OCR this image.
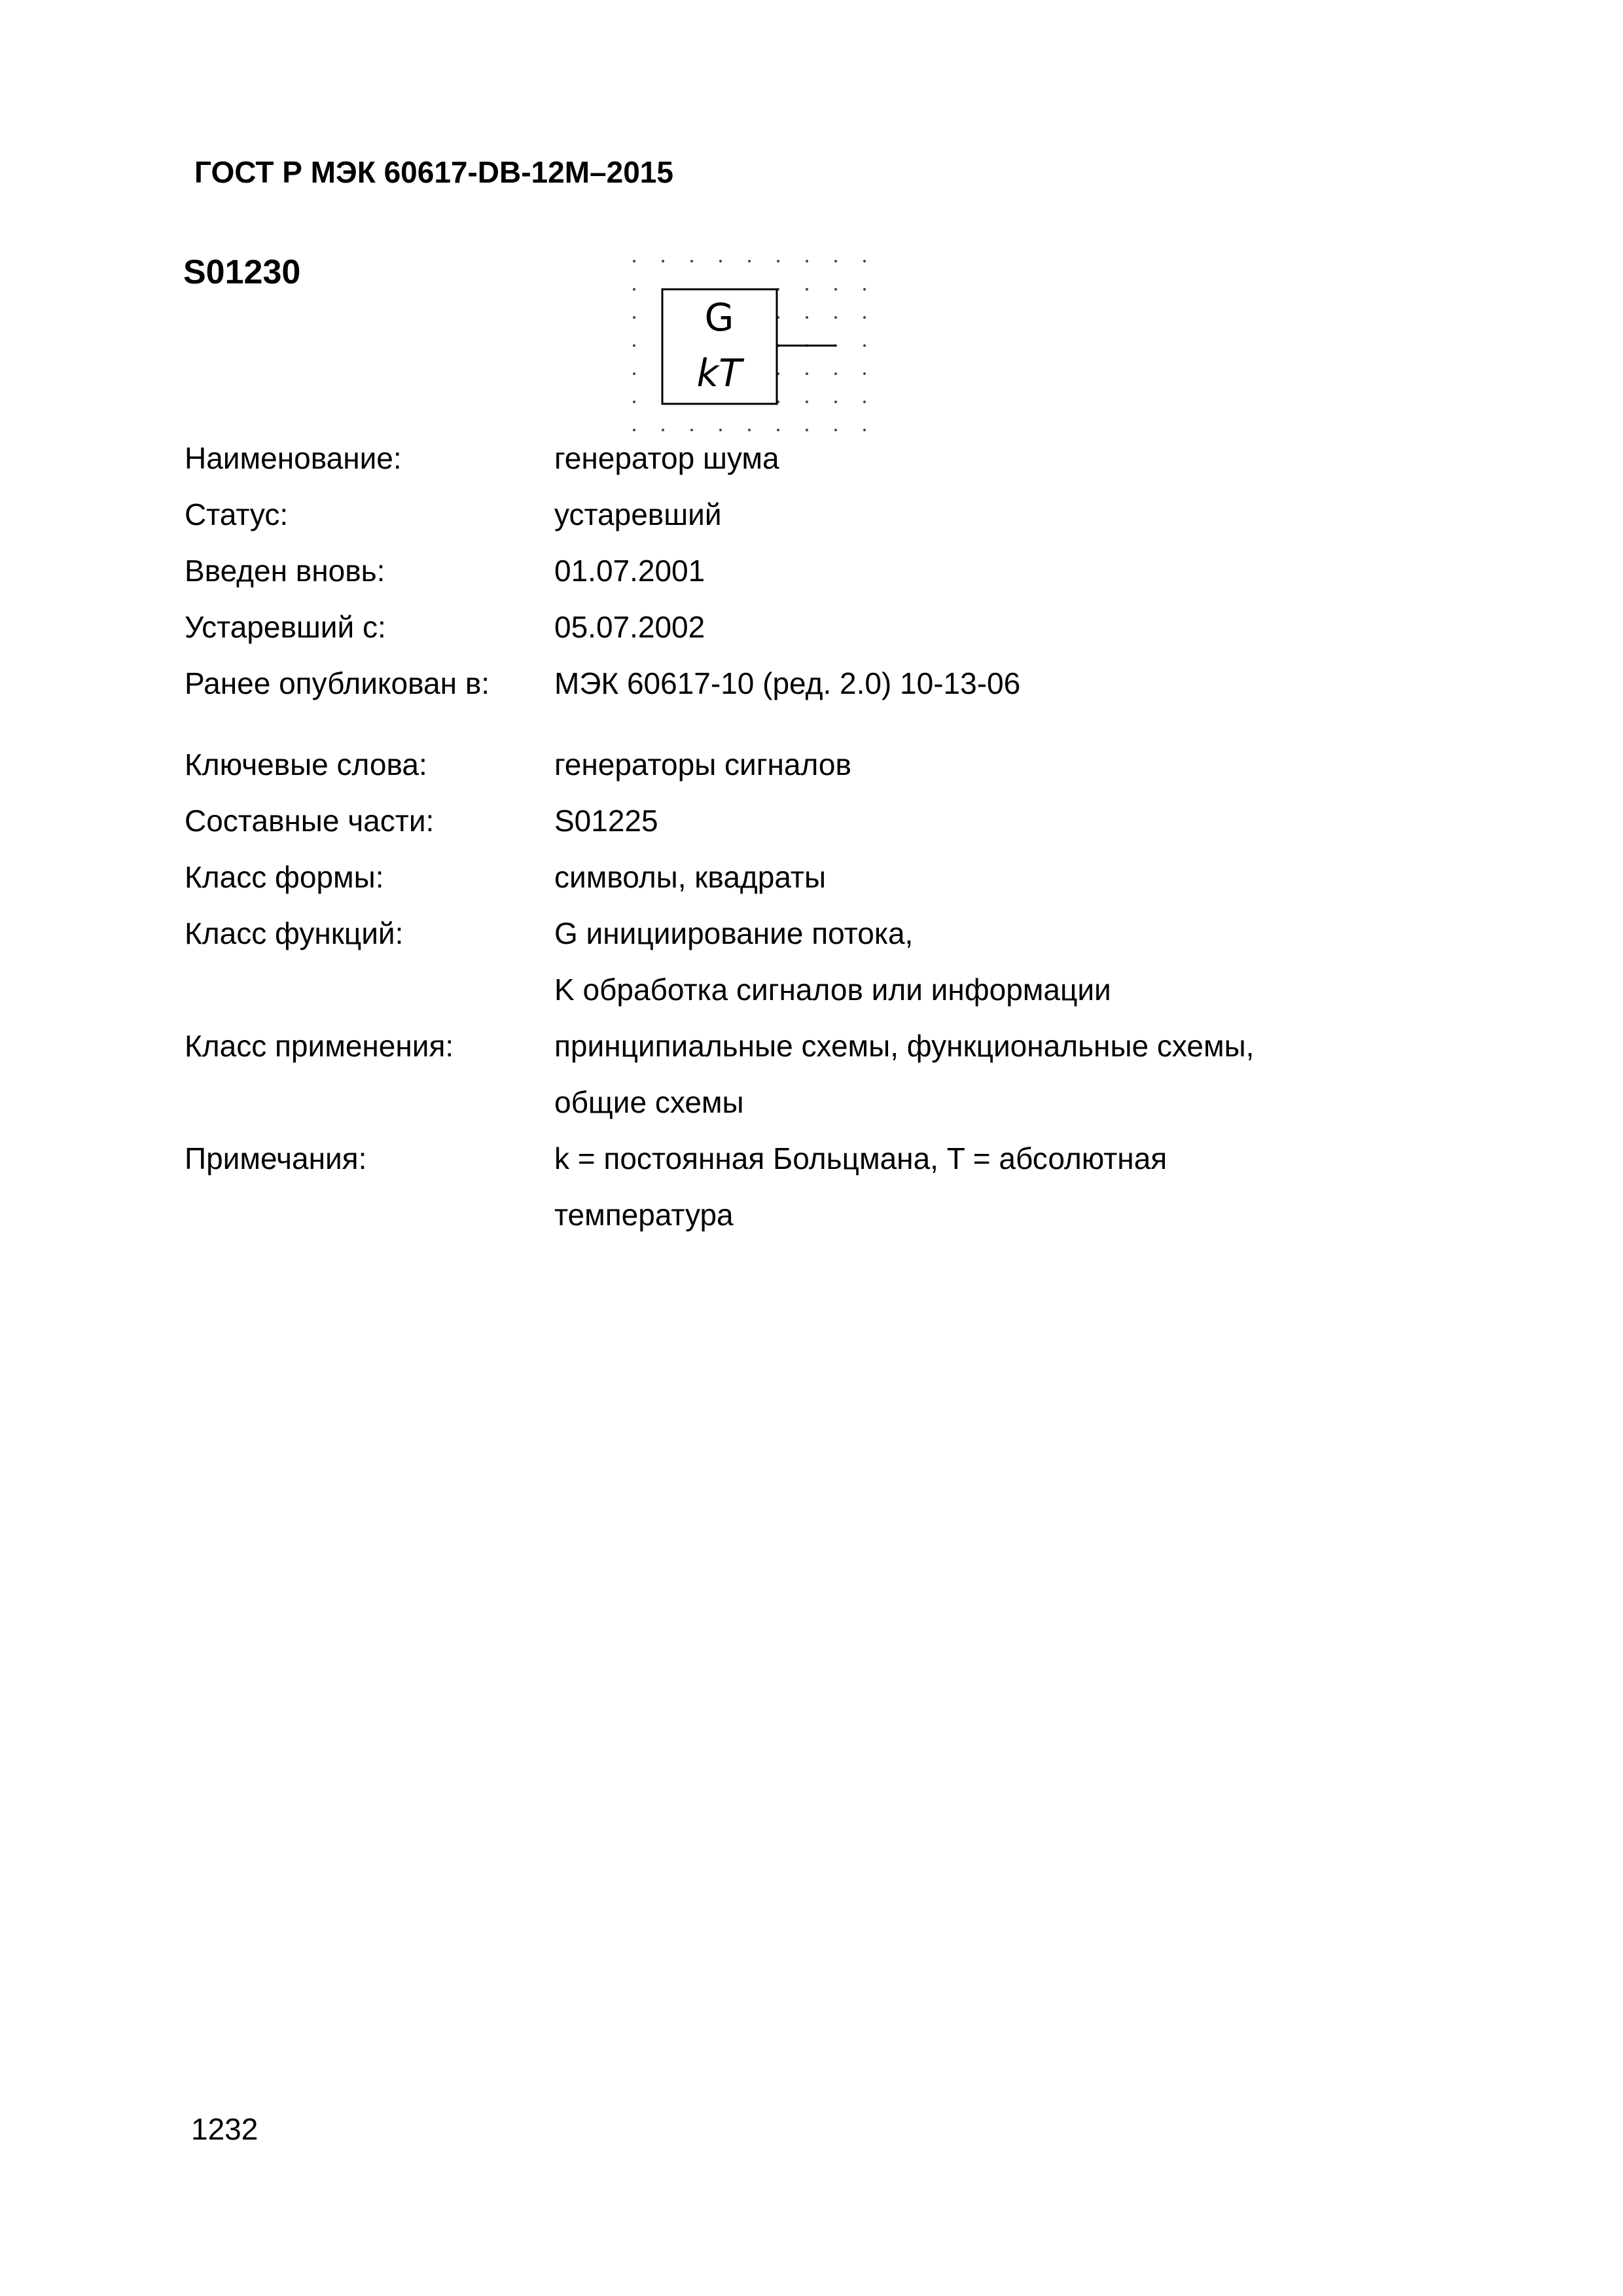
ГОСТ Р МЭК 60617-DB-12M–2015
S01230
G
kT
Наименование:	генератор шума
Статус:	устаревший
Введен вновь:	01.07.2001
Устаревший с:	05.07.2002
Ранее опубликован в: МЭК 60617-10 (ред. 2.0) 10-13-06
Ключевые слова:	генераторы сигналов
Составные части:	S01225
Класс формы:	символы, квадраты
Класс функций:	G инициирование потока,
K обработка сигналов или информации
Класс применения:	принципиальные схемы, функциональные схемы,
общие схемы
Примечания:	k = постоянная Больцмана, T = абсолютная
температура
1232
